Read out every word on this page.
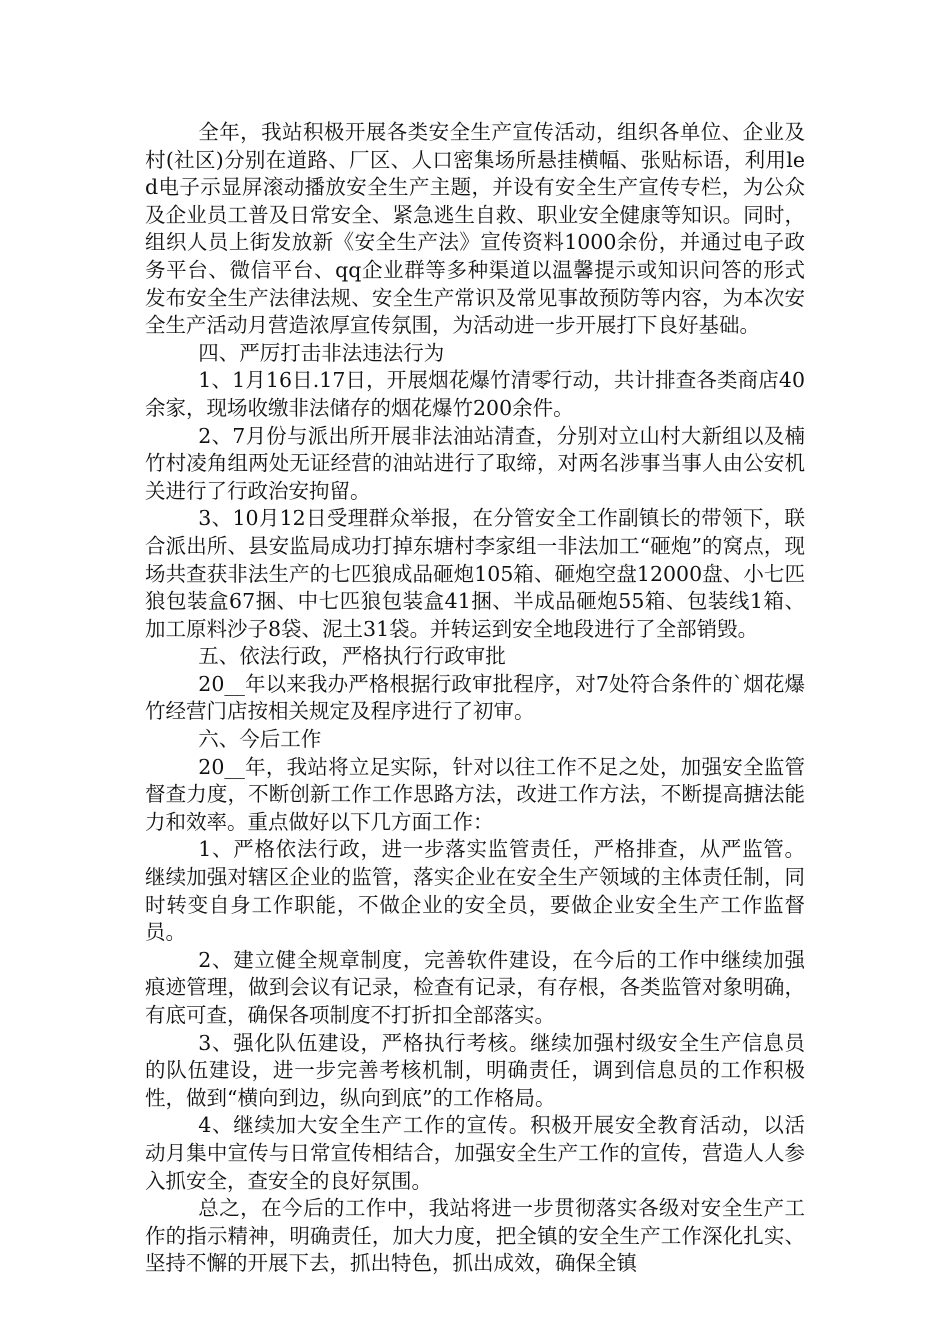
全年，我站积极开展各类安全生产宣传活动，组织各单位、企业及村(社区)分别在道路、厂区、人口密集场所悬挂横幅、张贴标语，利用led电子示显屏滚动播放安全生产主题，并设有安全生产宣传专栏，为公众及企业员工普及日常安全、紧急逃生自救、职业安全健康等知识。同时，组织人员上街发放新《安全生产法》宣传资料1000余份，并通过电子政务平台、微信平台、qq企业群等多种渠道以温馨提示或知识问答的形式发布安全生产法律法规、安全生产常识及常见事故预防等内容，为本次安全生产活动月营造浓厚宣传氛围，为活动进一步开展打下良好基础。

四、严厉打击非法违法行为

1、1月16日.17日，开展烟花爆竹清零行动，共计排查各类商店40余家，现场收缴非法储存的烟花爆竹200余件。

2、7月份与派出所开展非法油站清查，分别对立山村大新组以及楠竹村凌角组两处无证经营的油站进行了取缔，对两名涉事当事人由公安机关进行了行政治安拘留。

3、10月12日受理群众举报，在分管安全工作副镇长的带领下，联合派出所、县安监局成功打掉东塘村李家组一非法加工“砸炮”的窝点，现场共查获非法生产的七匹狼成品砸炮105箱、砸炮空盘12000盘、小七匹狼包装盒67捆、中七匹狼包装盒41捆、半成品砸炮55箱、包装线1箱、加工原料沙子8袋、泥土31袋。并转运到安全地段进行了全部销毁。

五、依法行政，严格执行行政审批

20__年以来我办严格根据行政审批程序，对7处符合条件的`烟花爆竹经营门店按相关规定及程序进行了初审。

六、今后工作

20__年，我站将立足实际，针对以往工作不足之处，加强安全监管督查力度，不断创新工作工作思路方法，改进工作方法，不断提高搪法能力和效率。重点做好以下几方面工作：

1、严格依法行政，进一步落实监管责任，严格排查，从严监管。继续加强对辖区企业的监管，落实企业在安全生产领域的主体责任制，同时转变自身工作职能，不做企业的安全员，要做企业安全生产工作监督员。

2、建立健全规章制度，完善软件建设，在今后的工作中继续加强痕迹管理，做到会议有记录，检查有记录，有存根，各类监管对象明确，有底可查，确保各项制度不打折扣全部落实。

3、强化队伍建设，严格执行考核。继续加强村级安全生产信息员的队伍建设，进一步完善考核机制，明确责任，调到信息员的工作积极性，做到“横向到边，纵向到底”的工作格局。

4、继续加大安全生产工作的宣传。积极开展安全教育活动，以活动月集中宣传与日常宣传相结合，加强安全生产工作的宣传，营造人人参入抓安全，查安全的良好氛围。

总之，在今后的工作中，我站将进一步贯彻落实各级对安全生产工作的指示精神，明确责任，加大力度，把全镇的安全生产工作深化扎实、坚持不懈的开展下去，抓出特色，抓出成效，确保全镇
